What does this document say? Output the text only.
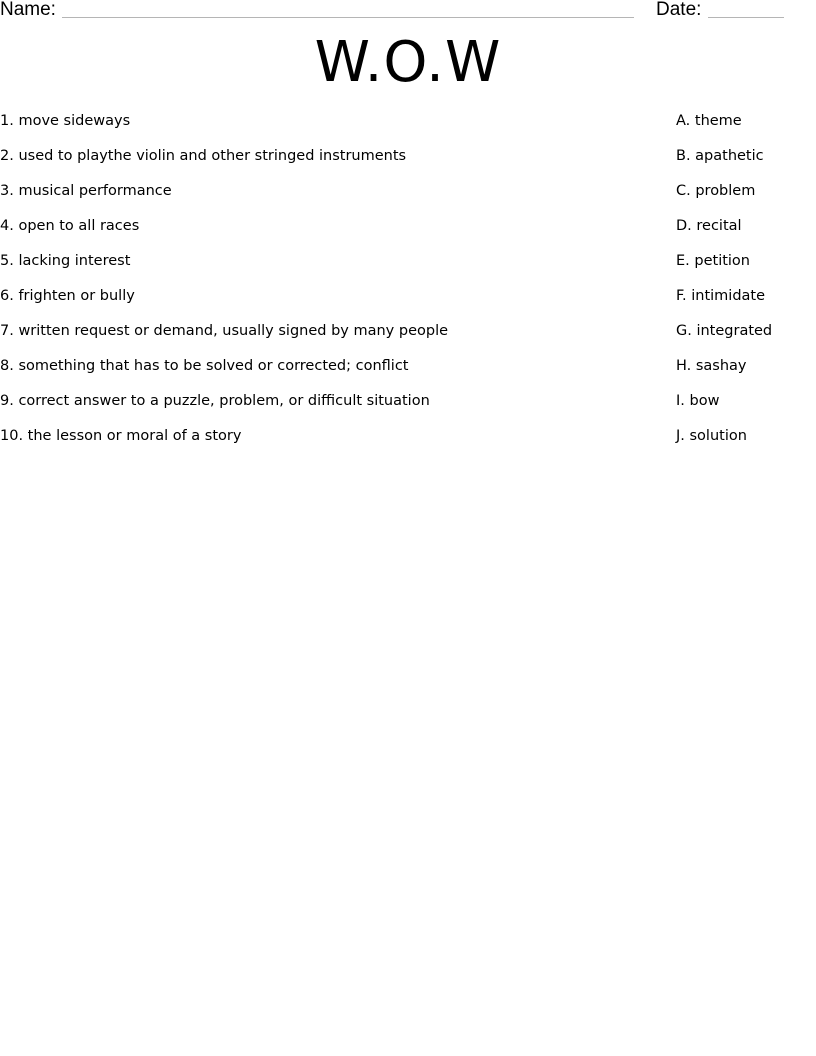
Name:	Date:
W.O.W
1. move sideways
2. used to playthe violin and other stringed instruments
3. musical performance
4. open to all races
5. lacking interest
6. frighten or bully
7. written request or demand, usually signed by many people
8. something that has to be solved or corrected; conflict
9. correct answer to a puzzle, problem, or difficult situation
10. the lesson or moral of a story
A. theme
B. apathetic
C. problem
D. recital
E. petition
F. intimidate
G. integrated
H. sashay
I. bow
J. solution
